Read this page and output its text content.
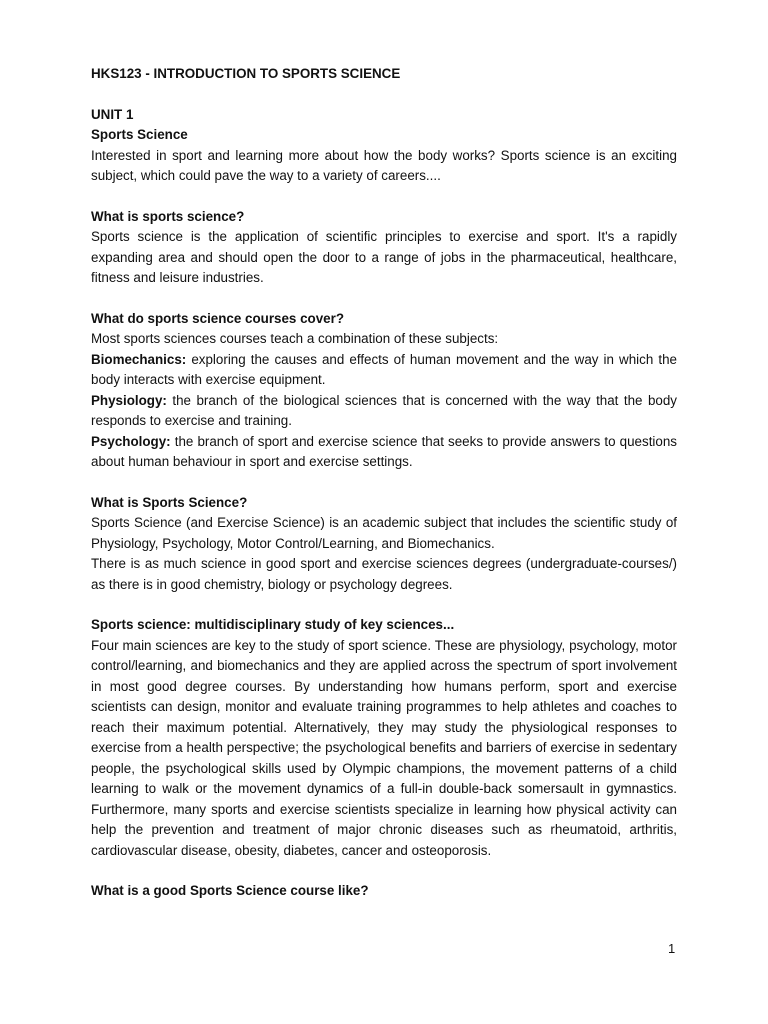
HKS123 - INTRODUCTION TO SPORTS SCIENCE

UNIT 1

Sports Science

Interested in sport and learning more about how the body works? Sports science is an exciting subject, which could pave the way to a variety of careers....

What is sports science?

Sports science is the application of scientific principles to exercise and sport. It's a rapidly expanding area and should open the door to a range of jobs in the pharmaceutical, healthcare, fitness and leisure industries.

What do sports science courses cover?

Most sports sciences courses teach a combination of these subjects:

Biomechanics: exploring the causes and effects of human movement and the way in which the body interacts with exercise equipment.

Physiology: the branch of the biological sciences that is concerned with the way that the body responds to exercise and training.

Psychology: the branch of sport and exercise science that seeks to provide answers to questions about human behaviour in sport and exercise settings.

What is Sports Science?

Sports Science (and Exercise Science) is an academic subject that includes the scientific study of Physiology, Psychology, Motor Control/Learning, and Biomechanics.

There is as much science in good sport and exercise sciences degrees (undergraduate-courses/) as there is in good chemistry, biology or psychology degrees.

Sports science: multidisciplinary study of key sciences...

Four main sciences are key to the study of sport science. These are physiology, psychology, motor control/learning, and biomechanics and they are applied across the spectrum of sport involvement in most good degree courses. By understanding how humans perform, sport and exercise scientists can design, monitor and evaluate training programmes to help athletes and coaches to reach their maximum potential. Alternatively, they may study the physiological responses to exercise from a health perspective; the psychological benefits and barriers of exercise in sedentary people, the psychological skills used by Olympic champions, the movement patterns of a child learning to walk or the movement dynamics of a full-in double-back somersault in gymnastics. Furthermore, many sports and exercise scientists specialize in learning how physical activity can help the prevention and treatment of major chronic diseases such as rheumatoid, arthritis, cardiovascular disease, obesity, diabetes, cancer and osteoporosis.

What is a good Sports Science course like?

1
